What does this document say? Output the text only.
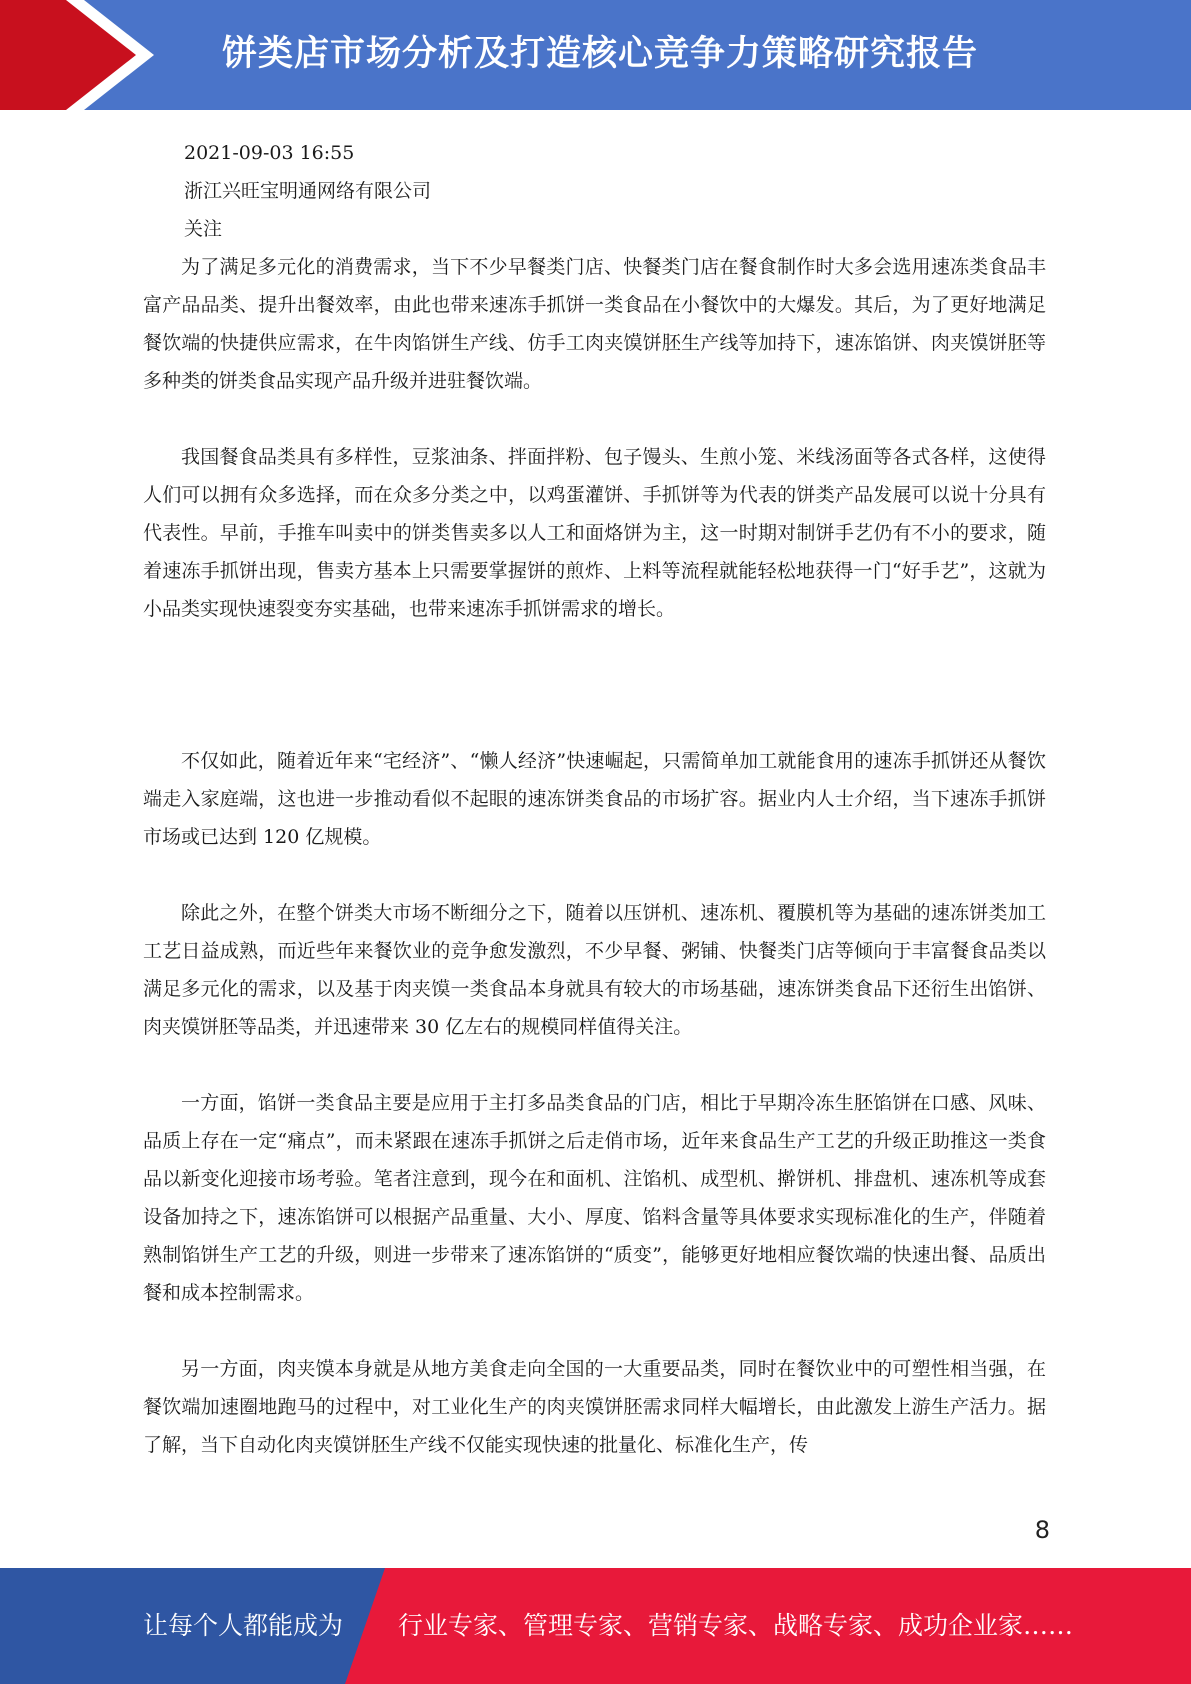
饼类店市场分析及打造核心竞争力策略研究报告
2021-09-03 16:55
浙江兴旺宝明通网络有限公司
关注

为了满足多元化的消费需求，当下不少早餐类门店、快餐类门店在餐食制作时大多会选用速冻类食品丰富产品品类、提升出餐效率，由此也带来速冻手抓饼一类食品在小餐饮中的大爆发。其后，为了更好地满足餐饮端的快捷供应需求，在牛肉馅饼生产线、仿手工肉夹馍饼胚生产线等加持下，速冻馅饼、肉夹馍饼胚等多种类的饼类食品实现产品升级并进驻餐饮端。

我国餐食品类具有多样性，豆浆油条、拌面拌粉、包子馒头、生煎小笼、米线汤面等各式各样，这使得人们可以拥有众多选择，而在众多分类之中，以鸡蛋灌饼、手抓饼等为代表的饼类产品发展可以说十分具有代表性。早前，手推车叫卖中的饼类售卖多以人工和面烙饼为主，这一时期对制饼手艺仍有不小的要求，随着速冻手抓饼出现，售卖方基本上只需要掌握饼的煎炸、上料等流程就能轻松地获得一门“好手艺”，这就为小品类实现快速裂变夯实基础，也带来速冻手抓饼需求的增长。

不仅如此，随着近年来“宅经济”、“懒人经济”快速崛起，只需简单加工就能食用的速冻手抓饼还从餐饮端走入家庭端，这也进一步推动看似不起眼的速冻饼类食品的市场扩容。据业内人士介绍，当下速冻手抓饼市场或已达到 120 亿规模。

除此之外，在整个饼类大市场不断细分之下，随着以压饼机、速冻机、覆膜机等为基础的速冻饼类加工工艺日益成熟，而近些年来餐饮业的竞争愈发激烈，不少早餐、粥铺、快餐类门店等倾向于丰富餐食品类以满足多元化的需求，以及基于肉夹馍一类食品本身就具有较大的市场基础，速冻饼类食品下还衍生出馅饼、肉夹馍饼胚等品类，并迅速带来 30 亿左右的规模同样值得关注。

一方面，馅饼一类食品主要是应用于主打多品类食品的门店，相比于早期冷冻生胚馅饼在口感、风味、品质上存在一定“痛点”，而未紧跟在速冻手抓饼之后走俏市场，近年来食品生产工艺的升级正助推这一类食品以新变化迎接市场考验。笔者注意到，现今在和面机、注馅机、成型机、擀饼机、排盘机、速冻机等成套设备加持之下，速冻馅饼可以根据产品重量、大小、厚度、馅料含量等具体要求实现标准化的生产，伴随着熟制馅饼生产工艺的升级，则进一步带来了速冻馅饼的“质变”，能够更好地相应餐饮端的快速出餐、品质出餐和成本控制需求。

另一方面，肉夹馍本身就是从地方美食走向全国的一大重要品类，同时在餐饮业中的可塑性相当强，在餐饮端加速圈地跑马的过程中，对工业化生产的肉夹馍饼胚需求同样大幅增长，由此激发上游生产活力。据了解，当下自动化肉夹馍饼胚生产线不仅能实现快速的批量化、标准化生产，传

8
让每个人都能成为 行业专家、管理专家、营销专家、战略专家、成功企业家……
